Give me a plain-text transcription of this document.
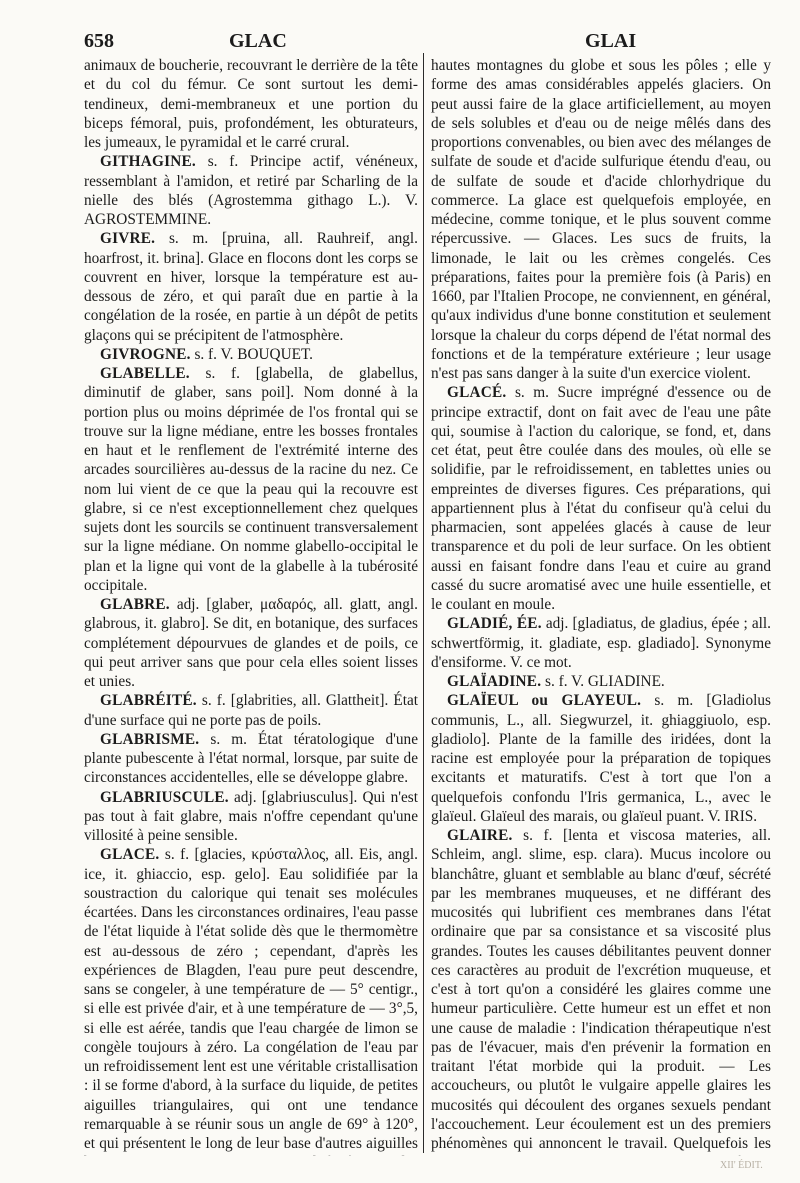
658	GLAC	GLAI

animaux de boucherie, recouvrant le derrière de la tête et du col du fémur. Ce sont surtout les demi-tendineux, demi-membraneux et une portion du biceps fémoral, puis, profondément, les obturateurs, les jumeaux, le pyramidal et le carré crural.

GITHAGINE. s. f. Principe actif, vénéneux, ressemblant à l'amidon, et retiré par Scharling de la nielle des blés (Agrostemma githago L.). V. AGROSTEMMINE.

GIVRE. s. m. [pruina, all. Rauhreif, angl. hoarfrost, it. brina]. Glace en flocons dont les corps se couvrent en hiver, lorsque la température est au-dessous de zéro, et qui paraît due en partie à la congélation de la rosée, en partie à un dépôt de petits glaçons qui se précipitent de l'atmosphère.

GIVROGNE. s. f. V. BOUQUET.

GLABELLE. s. f. [glabella, de glabellus, diminutif de glaber, sans poil]. Nom donné à la portion plus ou moins déprimée de l'os frontal qui se trouve sur la ligne médiane, entre les bosses frontales en haut et le renflement de l'extrémité interne des arcades sourcilières au-dessus de la racine du nez. Ce nom lui vient de ce que la peau qui la recouvre est glabre, si ce n'est exceptionnellement chez quelques sujets dont les sourcils se continuent transversalement sur la ligne médiane. On nomme glabello-occipital le plan et la ligne qui vont de la glabelle à la tubérosité occipitale.

GLABRE. adj. [glaber, μαδαρός, all. glatt, angl. glabrous, it. glabro]. Se dit, en botanique, des surfaces complétement dépourvues de glandes et de poils, ce qui peut arriver sans que pour cela elles soient lisses et unies.

GLABRÉITÉ. s. f. [glabrities, all. Glattheit]. État d'une surface qui ne porte pas de poils.

GLABRISME. s. m. État tératologique d'une plante pubescente à l'état normal, lorsque, par suite de circonstances accidentelles, elle se développe glabre.

GLABRIUSCULE. adj. [glabriusculus]. Qui n'est pas tout à fait glabre, mais n'offre cependant qu'une villosité à peine sensible.

GLACE. s. f. [glacies, κρύσταλλος, all. Eis, angl. ice, it. ghiaccio, esp. gelo]. Eau solidifiée par la soustraction du calorique qui tenait ses molécules écartées. Dans les circonstances ordinaires, l'eau passe de l'état liquide à l'état solide dès que le thermomètre est au-dessous de zéro ; cependant, d'après les expériences de Blagden, l'eau pure peut descendre, sans se congeler, à une température de — 5° centigr., si elle est privée d'air, et à une température de — 3°,5, si elle est aérée, tandis que l'eau chargée de limon se congèle toujours à zéro. La congélation de l'eau par un refroidissement lent est une véritable cristallisation : il se forme d'abord, à la surface du liquide, de petites aiguilles triangulaires, qui ont une tendance remarquable à se réunir sous un angle de 69° à 120°, et qui présentent le long de leur base d'autres aiguilles

hautes montagnes du globe et sous les pôles ; elle y forme des amas considérables appelés glaciers. On peut aussi faire de la glace artificiellement, au moyen de sels solubles et d'eau ou de neige mêlés dans des proportions convenables, ou bien avec des mélanges de sulfate de soude et d'acide sulfurique étendu d'eau, ou de sulfate de soude et d'acide chlorhydrique du commerce. La glace est quelquefois employée, en médecine, comme tonique, et le plus souvent comme répercussive. — Glaces. Les sucs de fruits, la limonade, le lait ou les crèmes congelés. Ces préparations, faites pour la première fois (à Paris) en 1660, par l'Italien Procope, ne conviennent, en général, qu'aux individus d'une bonne constitution et seulement lorsque la chaleur du corps dépend de l'état normal des fonctions et de la température extérieure ; leur usage n'est pas sans danger à la suite d'un exercice violent.

GLACÉ. s. m. Sucre imprégné d'essence ou de principe extractif, dont on fait avec de l'eau une pâte qui, soumise à l'action du calorique, se fond, et, dans cet état, peut être coulée dans des moules, où elle se solidifie, par le refroidissement, en tablettes unies ou empreintes de diverses figures. Ces préparations, qui appartiennent plus à l'état du confiseur qu'à celui du pharmacien, sont appelées glacés à cause de leur transparence et du poli de leur surface. On les obtient aussi en faisant fondre dans l'eau et cuire au grand cassé du sucre aromatisé avec une huile essentielle, et le coulant en moule.

GLADIÉ, ÉE. adj. [gladiatus, de gladius, épée ; all. schwertförmig, it. gladiate, esp. gladiado]. Synonyme d'ensiforme. V. ce mot.

GLAÏADINE. s. f. V. GLIADINE.

GLAÏEUL ou GLAYEUL. s. m. [Gladiolus communis, L., all. Siegwurzel, it. ghiaggiuolo, esp. gladiolo]. Plante de la famille des iridées, dont la racine est employée pour la préparation de topiques excitants et maturatifs. C'est à tort que l'on a quelquefois confondu l'Iris germanica, L., avec le glaïeul. Glaïeul des marais, ou glaïeul puant. V. IRIS.

GLAIRE. s. f. [lenta et viscosa materies, all. Schleim, angl. slime, esp. clara). Mucus incolore ou blanchâtre, gluant et semblable au blanc d'œuf, sécrété par les membranes muqueuses, et ne différant des mucosités qui lubrifient ces membranes dans l'état ordinaire que par sa consistance et sa viscosité plus grandes. Toutes les causes débilitantes peuvent donner ces caractères au produit de l'excrétion muqueuse, et c'est à tort qu'on a considéré les glaires comme une humeur particulière. Cette humeur est un effet et non une cause de maladie : l'indication thérapeutique n'est pas de l'évacuer, mais d'en prévenir la formation en traitant l'état morbide qui la produit. — Les accoucheurs, ou plutôt le vulgaire appelle glaires les mucosités qui découlent des organes sexuels pendant l'accouchement. Leur écoulement est un des premiers phénomènes qui annoncent le travail. Quelquefois les

XII' ÉDIT.
